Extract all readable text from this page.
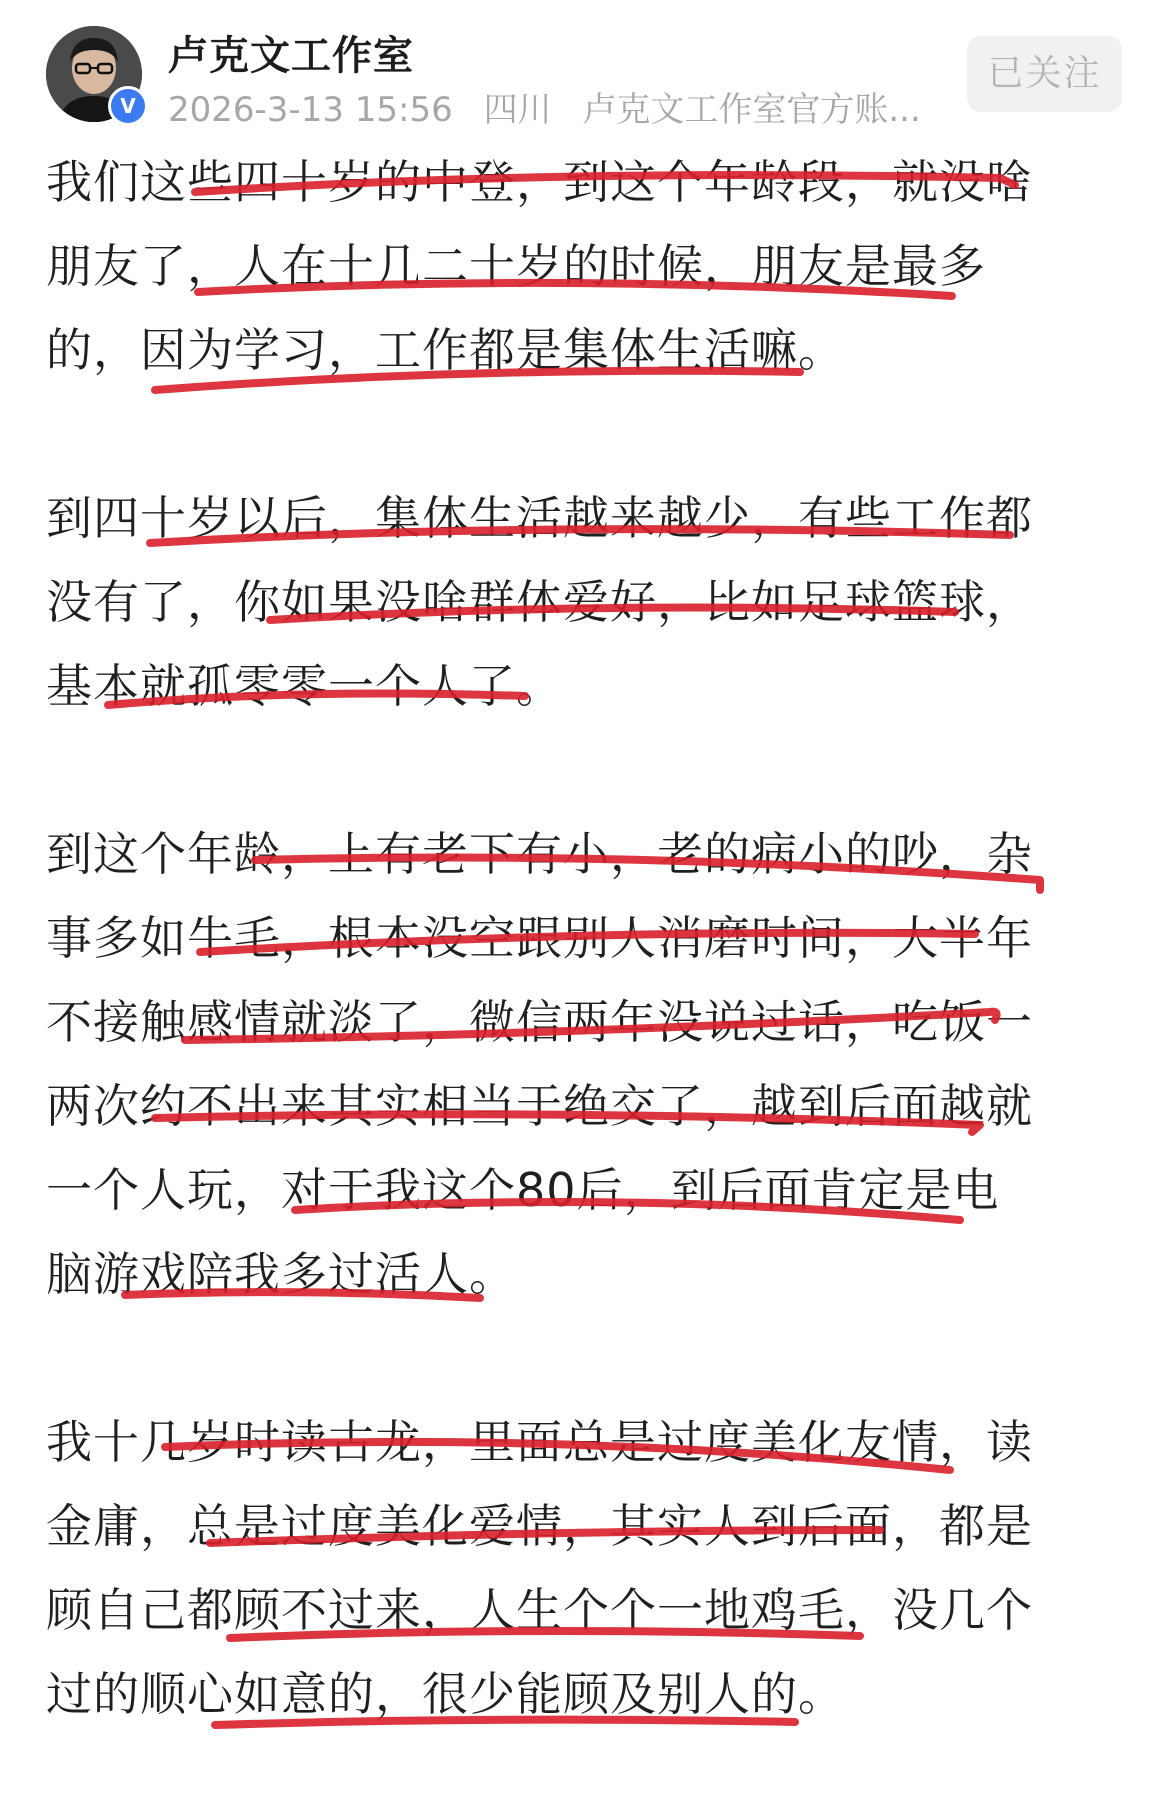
V
卢克文工作室
2026-3-13 15:56 四川 卢克文工作室官方账...
已关注

我们这些四十岁的中登，到这个年龄段，就没啥

朋友了，人在十几二十岁的时候，朋友是最多

的，因为学习，工作都是集体生活嘛。

到四十岁以后，集体生活越来越少，有些工作都

没有了，你如果没啥群体爱好，比如足球篮球，

基本就孤零零一个人了。

到这个年龄，上有老下有小，老的病小的吵，杂

事多如牛毛，根本没空跟别人消磨时间，大半年

不接触感情就淡了，微信两年没说过话，吃饭一

两次约不出来其实相当于绝交了，越到后面越就

一个人玩，对于我这个80后，到后面肯定是电

脑游戏陪我多过活人。

我十几岁时读古龙，里面总是过度美化友情，读

金庸，总是过度美化爱情，其实人到后面，都是

顾自己都顾不过来，人生个个一地鸡毛，没几个

过的顺心如意的，很少能顾及别人的。
